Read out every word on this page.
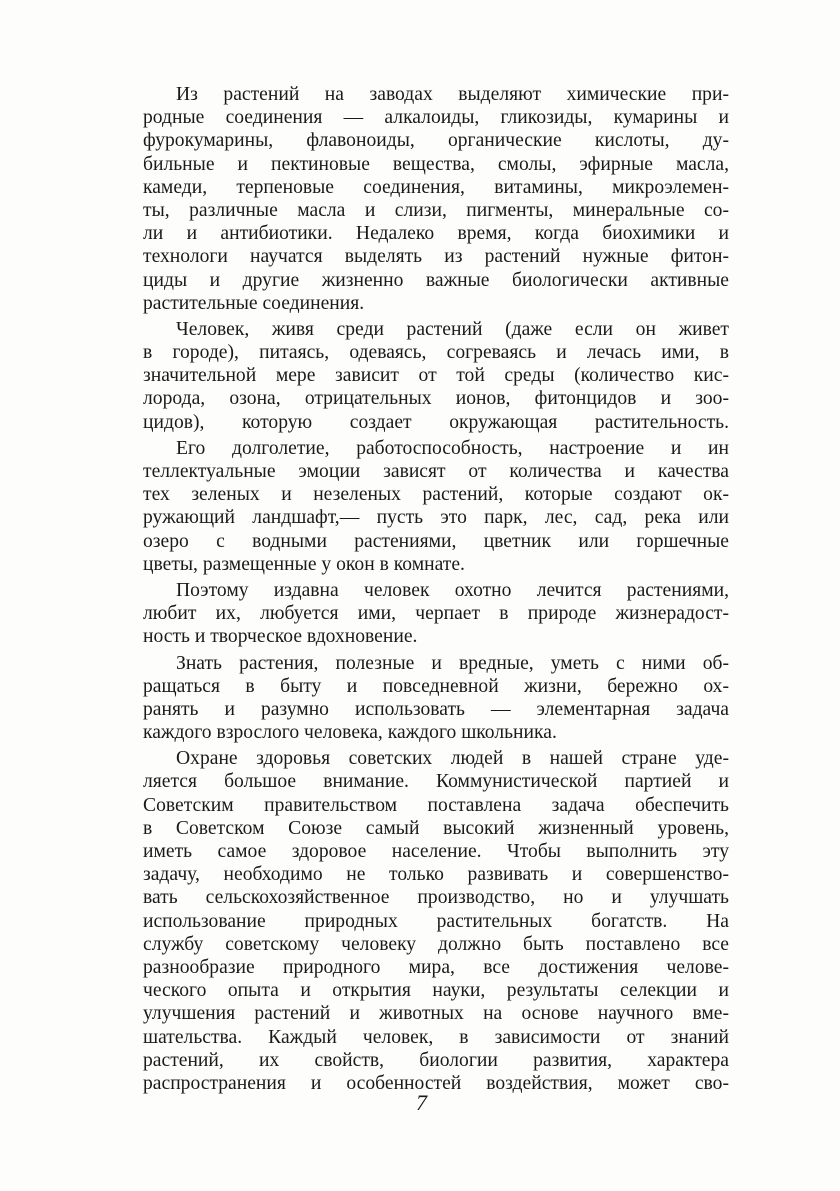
Из растений на заводах выделяют химические при-
родные соединения — алкалоиды, гликозиды, кумарины и
фурокумарины, флавоноиды, органические кислоты, ду-
бильные и пектиновые вещества, смолы, эфирные масла,
камеди, терпеновые соединения, витамины, микроэлемен-
ты, различные масла и слизи, пигменты, минеральные со-
ли и антибиотики. Недалеко время, когда биохимики и
технологи научатся выделять из растений нужные фитон-
циды и другие жизненно важные биологически активные
растительные соединения.
Человек, живя среди растений (даже если он живет
в городе), питаясь, одеваясь, согреваясь и лечась ими, в
значительной мере зависит от той среды (количество кис-
лорода, озона, отрицательных ионов, фитонцидов и зоо-
цидов), которую создает окружающая растительность.
Его долголетие, работоспособность, настроение и ин
теллектуальные эмоции зависят от количества и качества
тех зеленых и незеленых растений, которые создают ок-
ружающий ландшафт,— пусть это парк, лес, сад, река или
озеро с водными растениями, цветник или горшечные
цветы, размещенные у окон в комнате.
Поэтому издавна человек охотно лечится растениями,
любит их, любуется ими, черпает в природе жизнерадост-
ность и творческое вдохновение.
Знать растения, полезные и вредные, уметь с ними об-
ращаться в быту и повседневной жизни, бережно ох-
ранять и разумно использовать — элементарная задача
каждого взрослого человека, каждого школьника.
Охране здоровья советских людей в нашей стране уде-
ляется большое внимание. Коммунистической партией и
Советским правительством поставлена задача обеспечить
в Советском Союзе самый высокий жизненный уровень,
иметь самое здоровое население. Чтобы выполнить эту
задачу, необходимо не только развивать и совершенство-
вать сельскохозяйственное производство, но и улучшать
использование природных растительных богатств. На
службу советскому человеку должно быть поставлено все
разнообразие природного мира, все достижения челове-
ческого опыта и открытия науки, результаты селекции и
улучшения растений и животных на основе научного вме-
шательства. Каждый человек, в зависимости от знаний
растений, их свойств, биологии развития, характера
распространения и особенностей воздействия, может сво-
7
